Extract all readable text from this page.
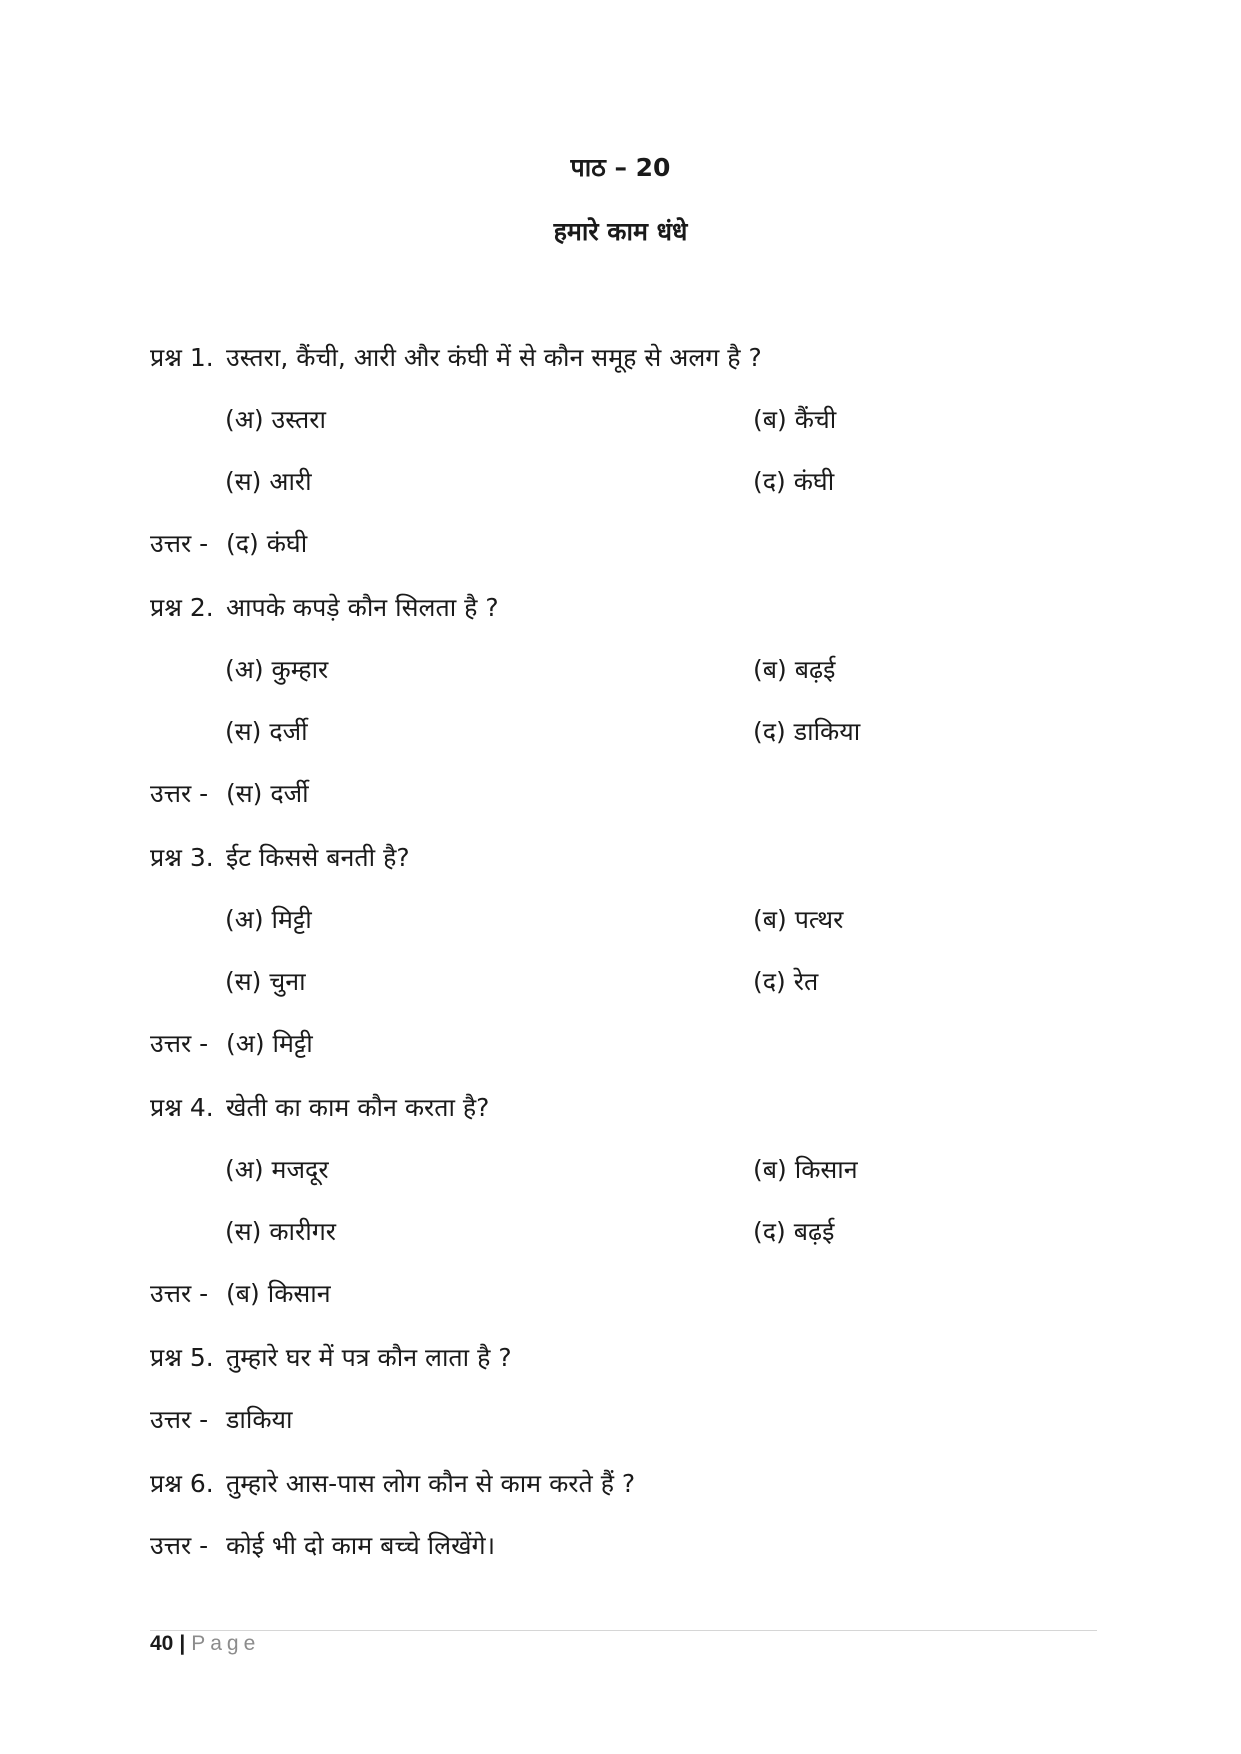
पाठ – 20
हमारे काम धंधे
प्रश्न 1. उस्तरा, कैंची, आरी और कंघी में से कौन समूह से अलग है ?
(अ) उस्तरा	(ब) कैंची
(स) आरी	(द) कंघी
उत्तर - (द) कंघी
प्रश्न 2. आपके कपड़े कौन सिलता है ?
(अ) कुम्हार	(ब) बढ़ई
(स) दर्जी	(द) डाकिया
उत्तर - (स) दर्जी
प्रश्न 3. ईट किससे बनती है?
(अ) मिट्टी	(ब) पत्थर
(स) चुना	(द) रेत
उत्तर - (अ) मिट्टी
प्रश्न 4. खेती का काम कौन करता है?
(अ) मजदूर	(ब) किसान
(स) कारीगर	(द) बढ़ई
उत्तर - (ब) किसान
प्रश्न 5. तुम्हारे घर में पत्र कौन लाता है ?
उत्तर - डाकिया
प्रश्न 6. तुम्हारे आस-पास लोग कौन से काम करते हैं ?
उत्तर - कोई भी दो काम बच्चे लिखेंगे।
40 | Page
